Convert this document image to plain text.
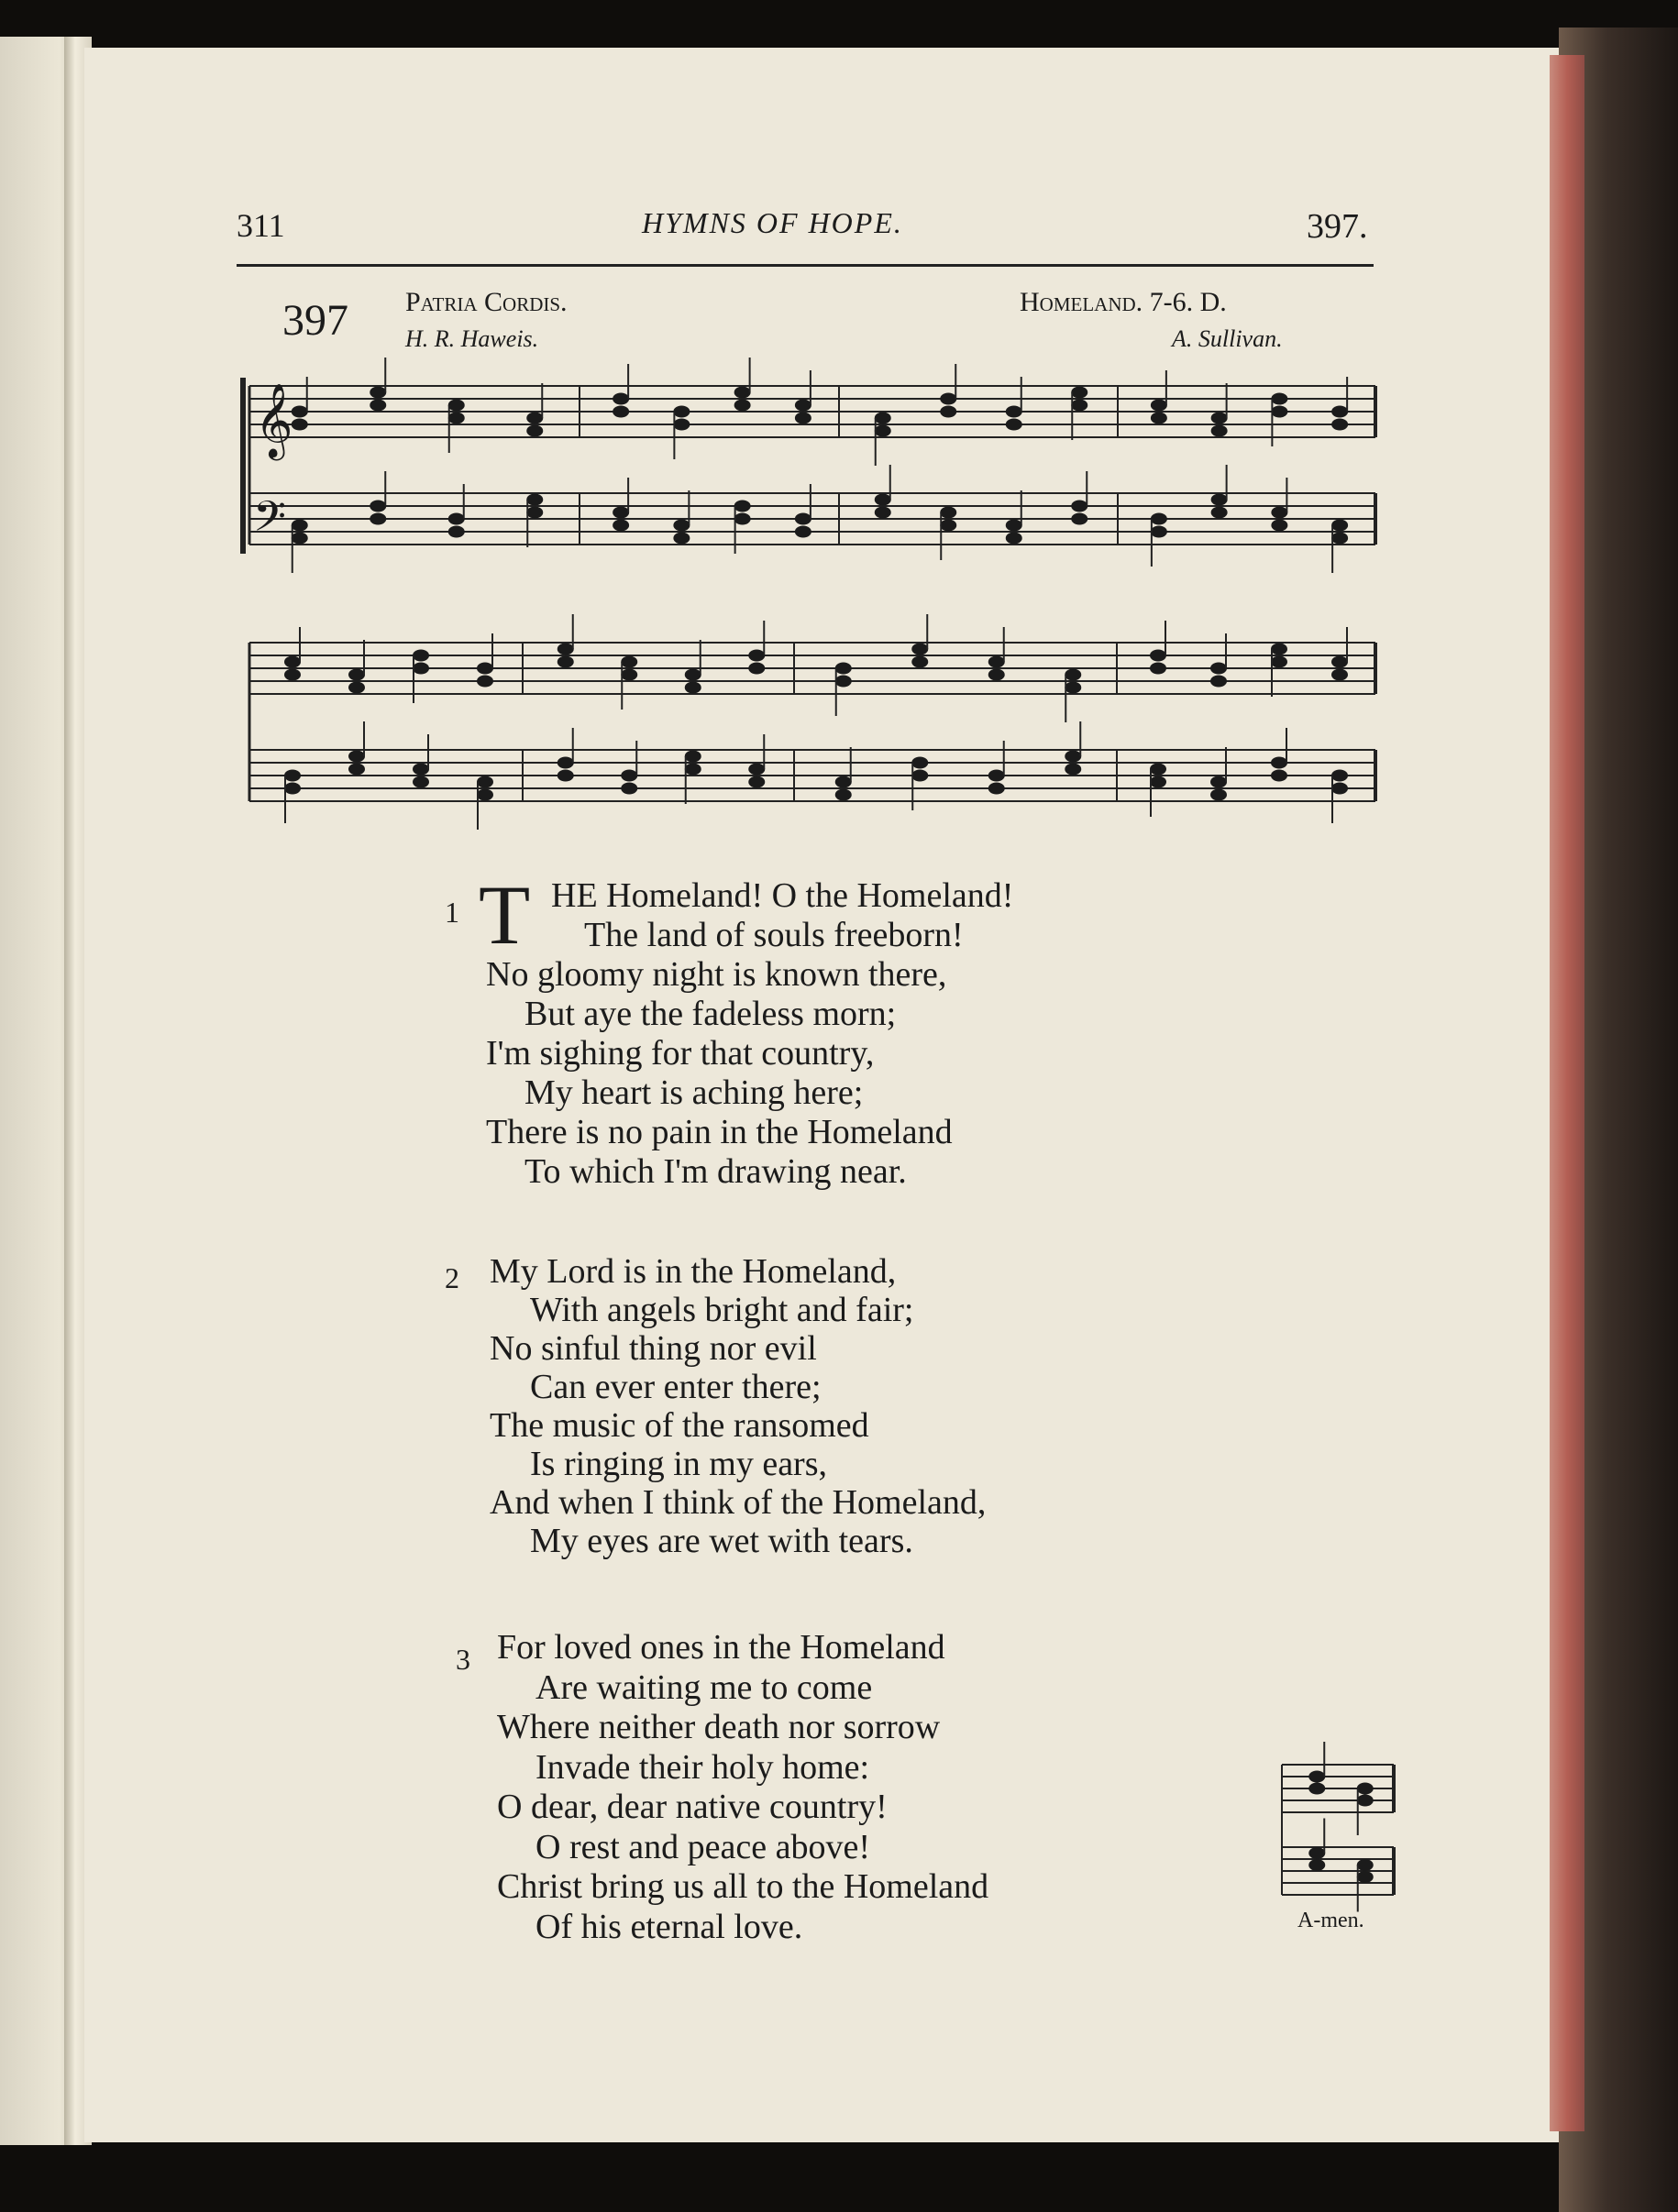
311	HYMNS OF HOPE.	397.
397 Patria Cordis.
H. R. Haweis.
Homeland. 7-6. D.
A. Sullivan.
𝄞
𝄢
1 T HE Homeland! O the Homeland!
The land of souls freeborn!
No gloomy night is known there,
But aye the fadeless morn;
I'm sighing for that country,
My heart is aching here;
There is no pain in the Homeland
To which I'm drawing near.
2 My Lord is in the Homeland,
With angels bright and fair;
No sinful thing nor evil
Can ever enter there;
The music of the ransomed
Is ringing in my ears,
And when I think of the Homeland,
My eyes are wet with tears.
3 For loved ones in the Homeland
Are waiting me to come
Where neither death nor sorrow
Invade their holy home:
O dear, dear native country!
O rest and peace above!
Christ bring us all to the Homeland
Of his eternal love.	A-men.
